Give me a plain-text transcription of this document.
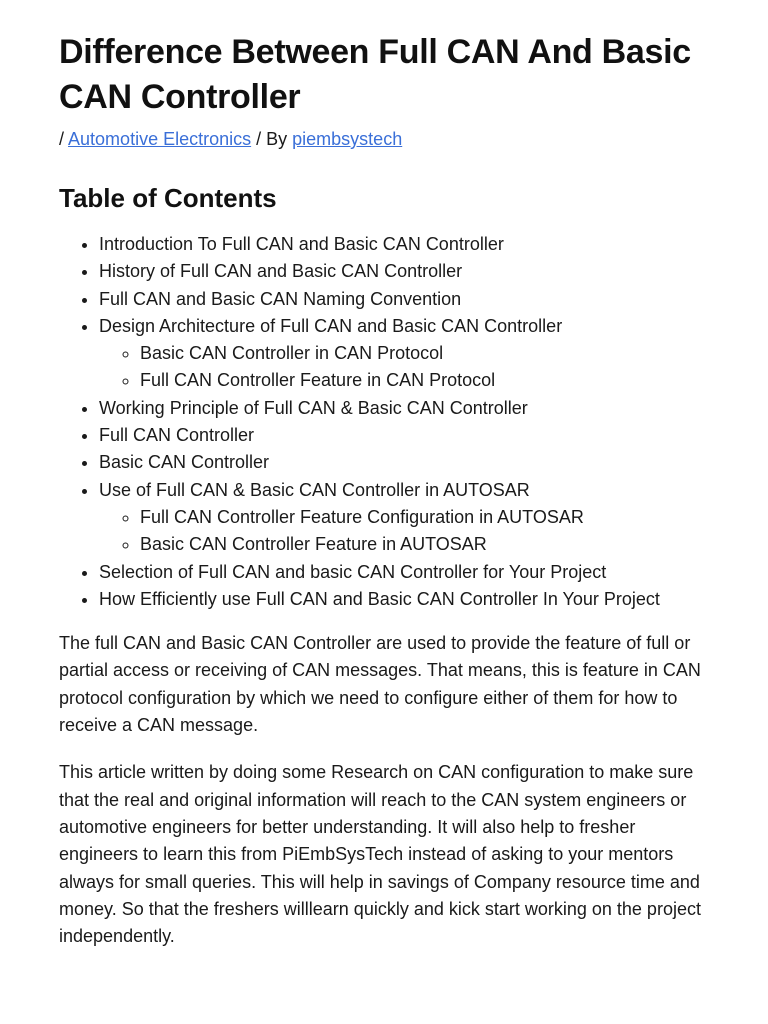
Difference Between Full CAN And Basic CAN Controller
/ Automotive Electronics / By piembsystech
Table of Contents
• Introduction To Full CAN and Basic CAN Controller
• History of Full CAN and Basic CAN Controller
• Full CAN and Basic CAN Naming Convention
• Design Architecture of Full CAN and Basic CAN Controller
◦ Basic CAN Controller in CAN Protocol
◦ Full CAN Controller Feature in CAN Protocol
• Working Principle of Full CAN & Basic CAN Controller
• Full CAN Controller
• Basic CAN Controller
• Use of Full CAN & Basic CAN Controller in AUTOSAR
◦ Full CAN Controller Feature Configuration in AUTOSAR
◦ Basic CAN Controller Feature in AUTOSAR
• Selection of Full CAN and basic CAN Controller for Your Project
• How Efficiently use Full CAN and Basic CAN Controller In Your Project

The full CAN and Basic CAN Controller are used to provide the feature of full or partial access or receiving of CAN messages. That means, this is feature in CAN protocol configuration by which we need to configure either of them for how to receive a CAN message.

This article written by doing some Research on CAN configuration to make sure that the real and original information will reach to the CAN system engineers or automotive engineers for better understanding. It will also help to fresher engineers to learn this from PiEmbSysTech instead of asking to your mentors always for small queries. This will help in savings of Company resource time and money. So that the freshers willlearn quickly and kick start working on the project independently.
